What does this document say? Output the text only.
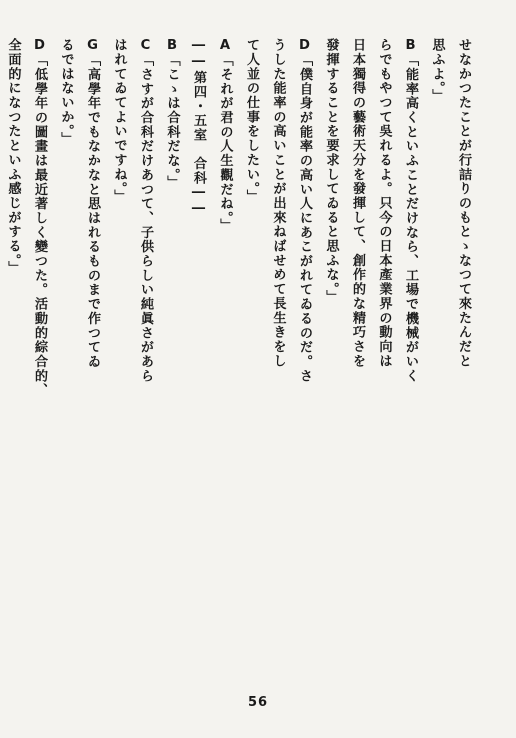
せなかつたことが行詰りのもとゝなつて來たんだと
思ふよ。」
B「能率高くといふことだけなら、工場で機械がいく
らでもやつて吳れるよ。只今の日本產業界の動向は
日本獨得の藝術天分を發揮して、創作的な精巧さを
發揮することを要求してゐると思ふな。」
D「僕自身が能率の高い人にあこがれてゐるのだ。さ
うした能率の高いことが出來ねばせめて長生きをし
て人並の仕事をしたい。」
A「それが君の人生觀だね。」
――第四・五室　合科――
B「こゝは合科だな。」
C「さすが合科だけあつて、子供らしい純眞さがあら
はれてゐてよいですね。」
G「高學年でもなかなと思はれるものまで作つてゐ
るではないか。」
D「低學年の圖畫は最近著しく變つた。活動的綜合的、
全面的になつたといふ感じがする。」
56
